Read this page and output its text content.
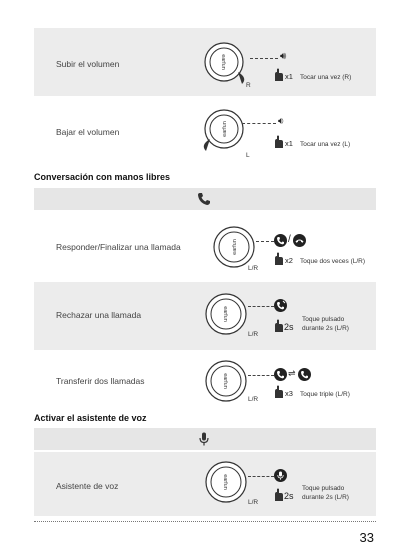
Subir el volumen	earfun
R
🔊︎
x1 Tocar una vez (R)
Bajar el volumen	earfun
L
🔉︎
x1 Tocar una vez (L)
Conversación con manos libres
Responder/Finalizar una llamada	earfun
L/R
/
x2 Toque dos veces (L/R)
Rechazar una llamada	earfun
L/R
2s
Toque pulsado
durante 2s (L/R)
Transferir dos llamadas	earfun
L/R
⇌
x3 Toque triple (L/R)
Activar el asistente de voz
Asistente de voz	earfun
L/R
2s
Toque pulsado
durante 2s (L/R)
33
